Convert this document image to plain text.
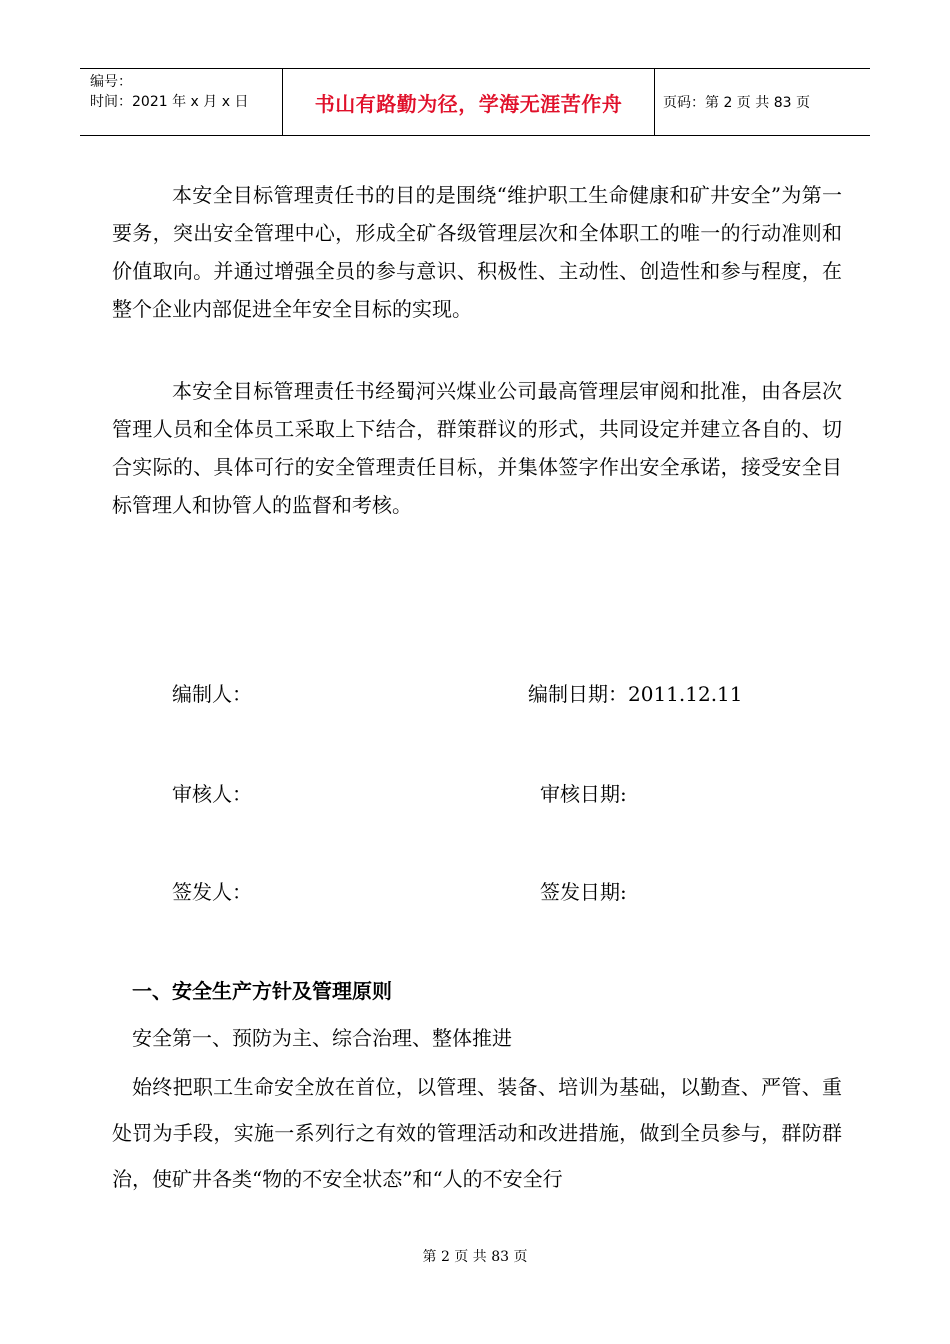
编号：
时间：2021 年 x 月 x 日	书山有路勤为径，学海无涯苦作舟	页码：第 2 页 共 83 页

本安全目标管理责任书的目的是围绕“维护职工生命健康和矿井安全”为第一要务，突出安全管理中心，形成全矿各级管理层次和全体职工的唯一的行动准则和价值取向。并通过增强全员的参与意识、积极性、主动性、创造性和参与程度，在整个企业内部促进全年安全目标的实现。

本安全目标管理责任书经蜀河兴煤业公司最高管理层审阅和批准，由各层次管理人员和全体员工采取上下结合，群策群议的形式，共同设定并建立各自的、切合实际的、具体可行的安全管理责任目标，并集体签字作出安全承诺，接受安全目标管理人和协管人的监督和考核。

编制人：	编制日期：2011.12.11
审核人：	审核日期:
签发人：	签发日期:
一、安全生产方针及管理原则
安全第一、预防为主、综合治理、整体推进

始终把职工生命安全放在首位，以管理、装备、培训为基础，以勤查、严管、重处罚为手段，实施一系列行之有效的管理活动和改进措施，做到全员参与，群防群治，使矿井各类“物的不安全状态”和“人的不安全行

第 2 页 共 83 页
